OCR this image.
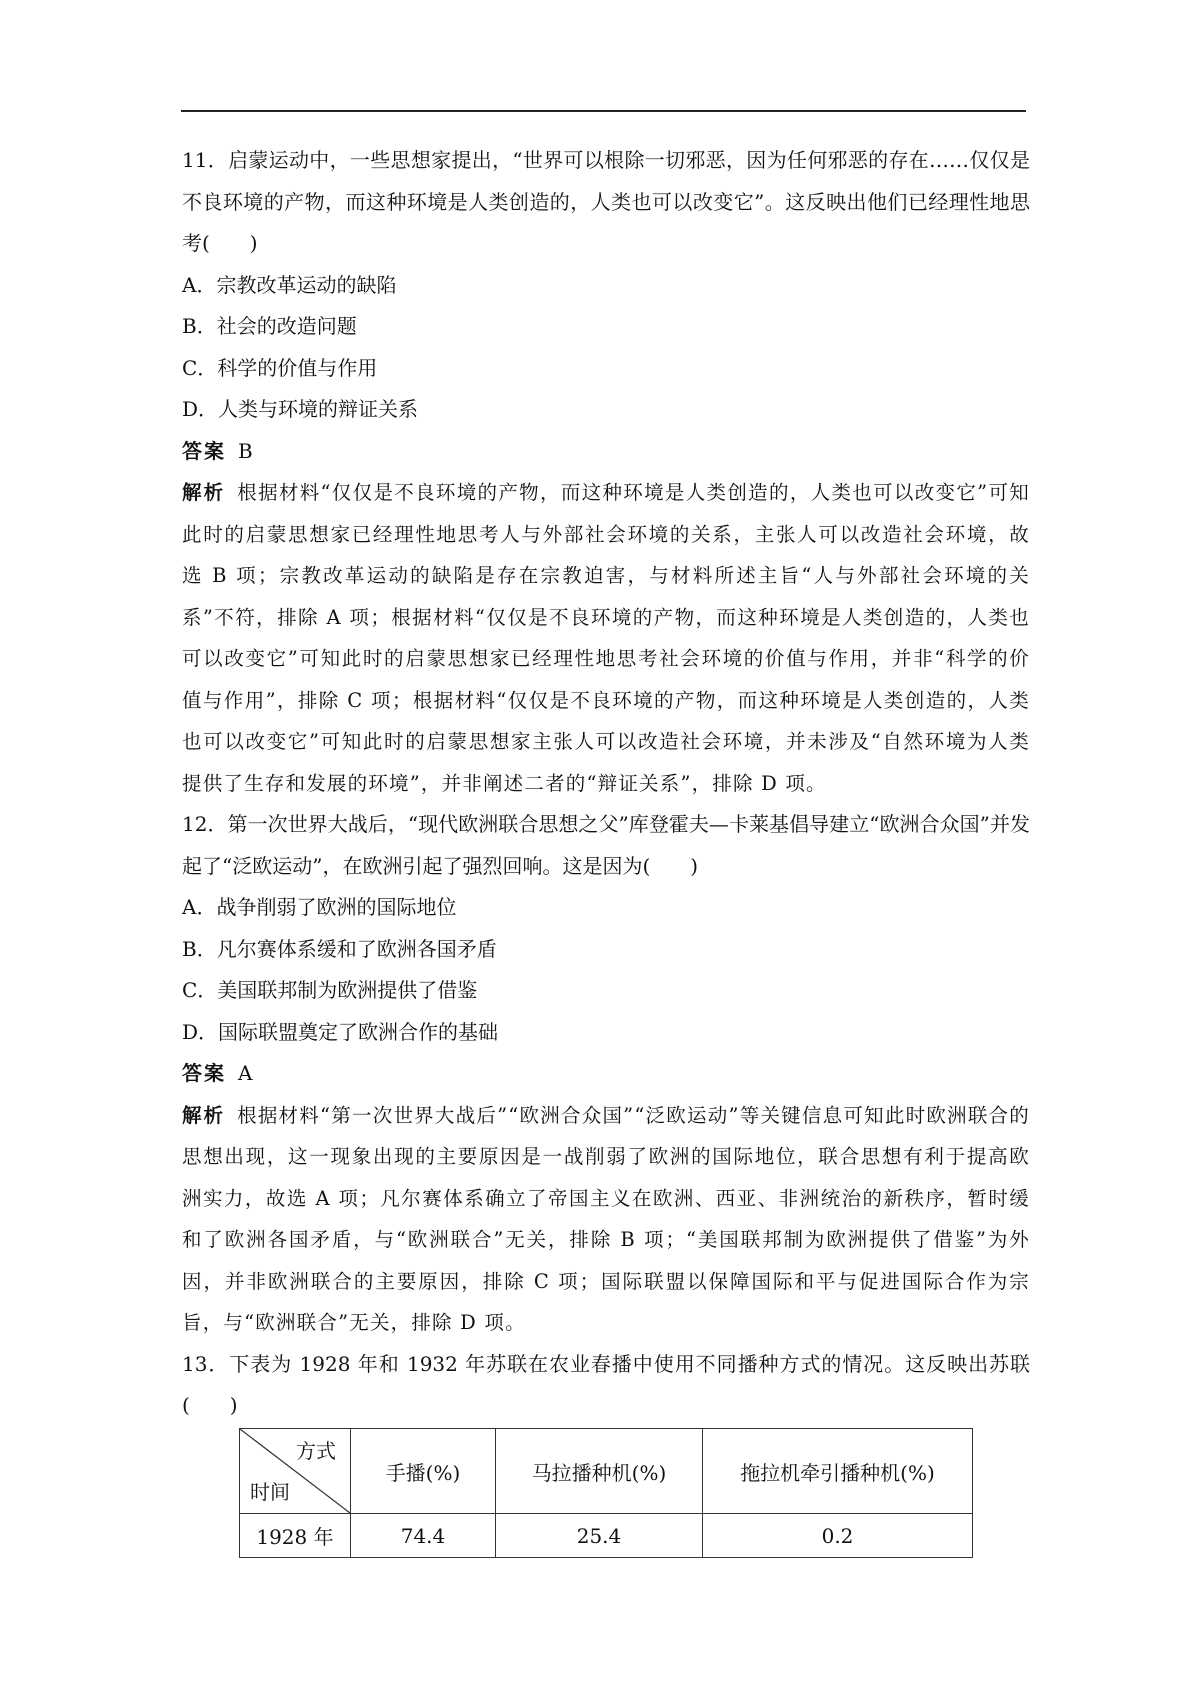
11．启蒙运动中，一些思想家提出，“世界可以根除一切邪恶，因为任何邪恶的存在……仅仅是不良环境的产物，而这种环境是人类创造的，人类也可以改变它”。这反映出他们已经理性地思考(　　)

A．宗教改革运动的缺陷

B．社会的改造问题

C．科学的价值与作用

D．人类与环境的辩证关系

答案 B

解析 根据材料“仅仅是不良环境的产物，而这种环境是人类创造的，人类也可以改变它”可知此时的启蒙思想家已经理性地思考人与外部社会环境的关系，主张人可以改造社会环境，故选 B 项；宗教改革运动的缺陷是存在宗教迫害，与材料所述主旨“人与外部社会环境的关系”不符，排除 A 项；根据材料“仅仅是不良环境的产物，而这种环境是人类创造的，人类也可以改变它”可知此时的启蒙思想家已经理性地思考社会环境的价值与作用，并非“科学的价值与作用”，排除 C 项；根据材料“仅仅是不良环境的产物，而这种环境是人类创造的，人类也可以改变它”可知此时的启蒙思想家主张人可以改造社会环境，并未涉及“自然环境为人类提供了生存和发展的环境”，并非阐述二者的“辩证关系”，排除 D 项。

12．第一次世界大战后，“现代欧洲联合思想之父”库登霍夫—卡莱基倡导建立“欧洲合众国”并发起了“泛欧运动”，在欧洲引起了强烈回响。这是因为(　　)

A．战争削弱了欧洲的国际地位

B．凡尔赛体系缓和了欧洲各国矛盾

C．美国联邦制为欧洲提供了借鉴

D．国际联盟奠定了欧洲合作的基础

答案 A

解析 根据材料“第一次世界大战后”“欧洲合众国”“泛欧运动”等关键信息可知此时欧洲联合的思想出现，这一现象出现的主要原因是一战削弱了欧洲的国际地位，联合思想有利于提高欧洲实力，故选 A 项；凡尔赛体系确立了帝国主义在欧洲、西亚、非洲统治的新秩序，暂时缓和了欧洲各国矛盾，与“欧洲联合”无关，排除 B 项；“美国联邦制为欧洲提供了借鉴”为外因，并非欧洲联合的主要原因，排除 C 项；国际联盟以保障国际和平与促进国际合作为宗旨，与“欧洲联合”无关，排除 D 项。

13．下表为 1928 年和 1932 年苏联在农业春播中使用不同播种方式的情况。这反映出苏联(　　)

方式
时间	手播(%)	马拉播种机(%)	拖拉机牵引播种机(%)
1928 年	74.4	25.4	0.2
